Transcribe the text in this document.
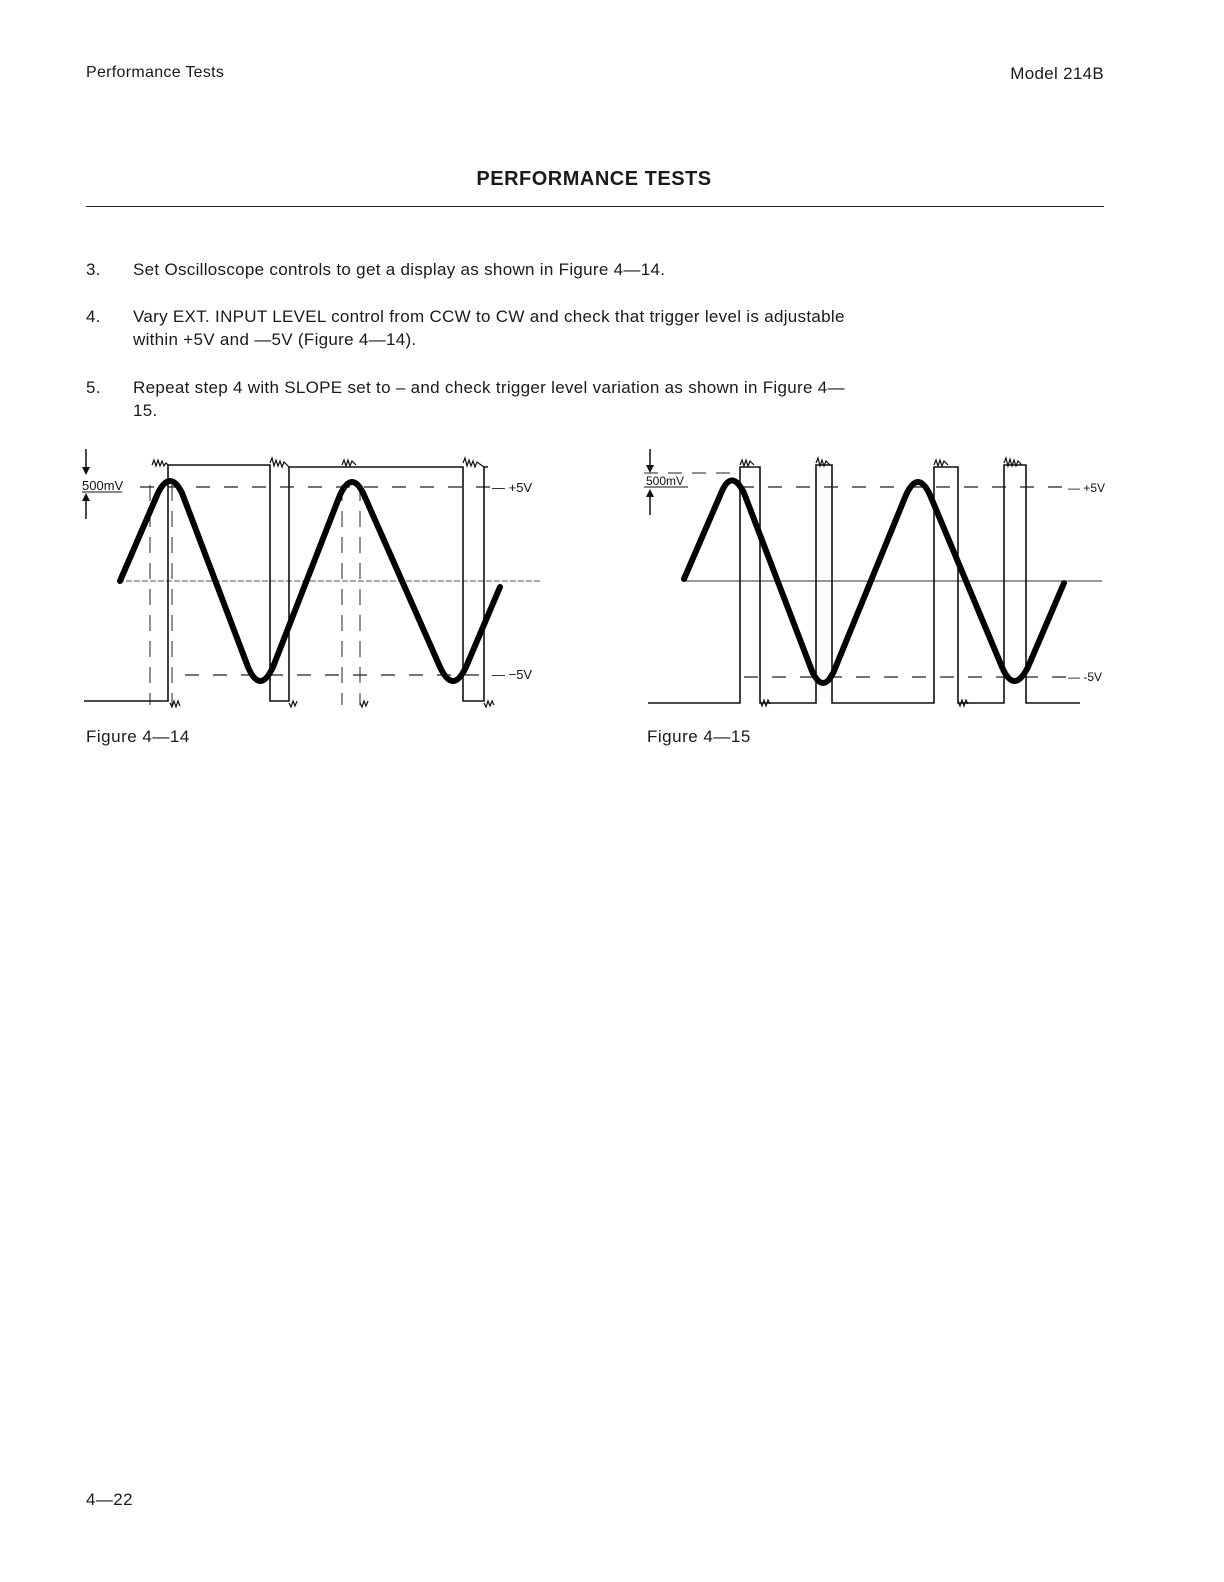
Performance Tests	Model 214B
PERFORMANCE TESTS
3.	Set Oscilloscope controls to get a display as shown in Figure 4—14.
4.	Vary EXT. INPUT LEVEL control from CCW to CW and check that trigger level is adjustable within +5V and —5V (Figure 4—14).
5.	Repeat step 4 with SLOPE set to – and check trigger level variation as shown in Figure 4—15.
500mV	— +5V
— −5V
Figure 4—14
500mV	— +5V
— -5V
Figure 4—15
4—22
